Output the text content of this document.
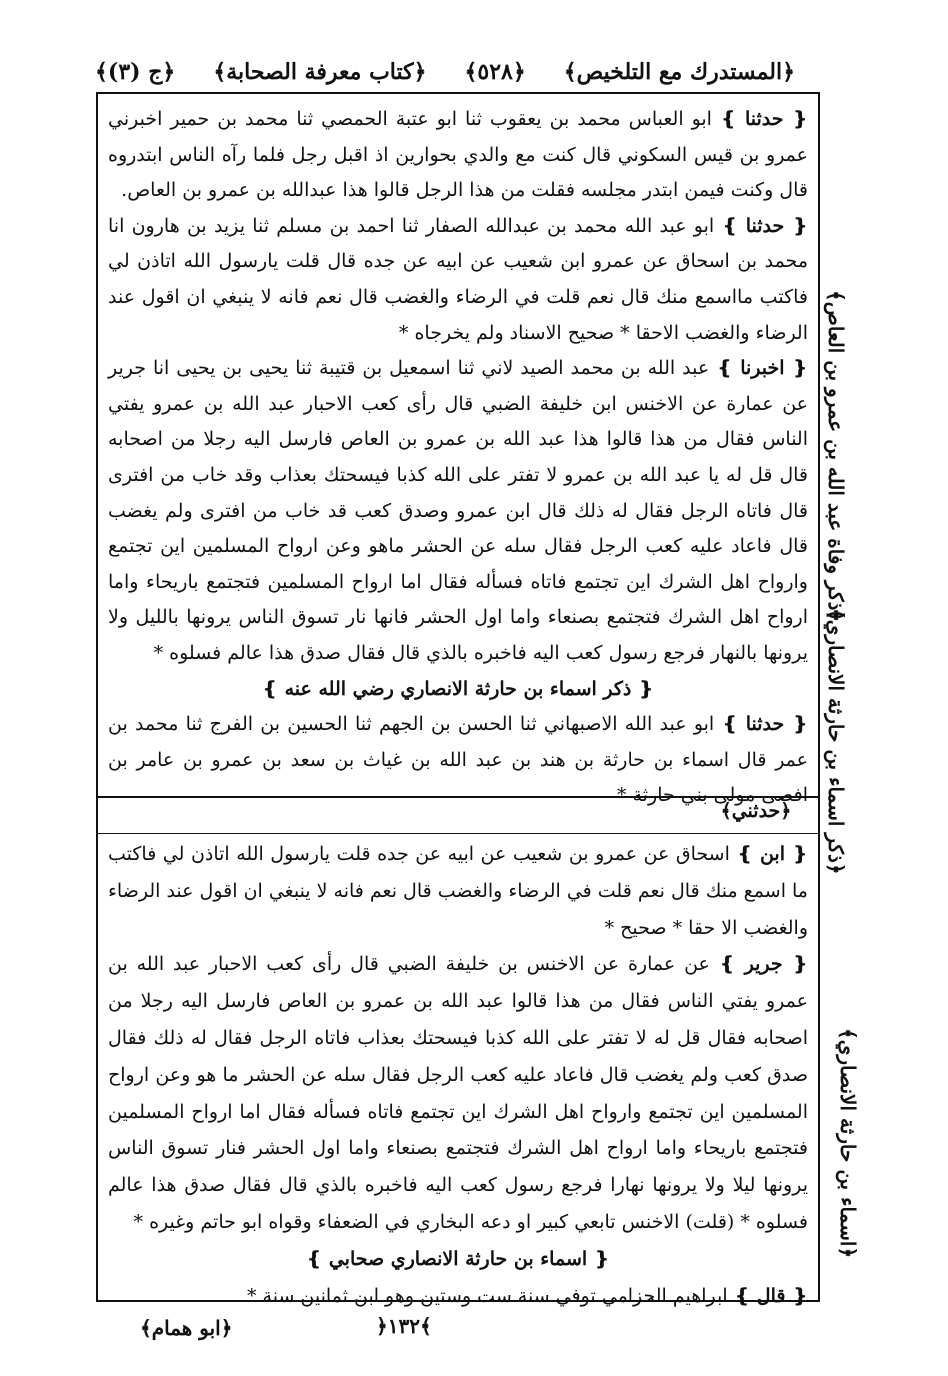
﴿المستدرك مع التلخيص﴾
﴿٥٢٨﴾
﴿كتاب معرفة الصحابة﴾
﴿ج (٣)﴾

❴ حدثنا ❵ ابو العباس محمد بن يعقوب ثنا ابو عتبة الحمصي ثنا محمد بن حمير اخبرني عمرو بن قيس السكوني قال كنت مع والدي بحوارين اذ اقبل رجل فلما رآه الناس ابتدروه قال وكنت فيمن ابتدر مجلسه فقلت من هذا الرجل قالوا هذا عبدالله بن عمرو بن العاص.

❴ حدثنا ❵ ابو عبد الله محمد بن عبدالله الصفار ثنا احمد بن مسلم ثنا يزيد بن هارون انا محمد بن اسحاق عن عمرو ابن شعيب عن ابيه عن جده قال قلت يارسول الله اتاذن لي فاكتب مااسمع منك قال نعم قلت في الرضاء والغضب قال نعم فانه لا ينبغي ان اقول عند الرضاء والغضب الاحقا * صحيح الاسناد ولم يخرجاه *

❴ اخبرنا ❵ عبد الله بن محمد الصيد لاني ثنا اسمعيل بن قتيبة ثنا يحيى بن يحيى انا جرير عن عمارة عن الاخنس ابن خليفة الضبي قال رأى كعب الاحبار عبد الله بن عمرو يفتي الناس فقال من هذا قالوا هذا عبد الله بن عمرو بن العاص فارسل اليه رجلا من اصحابه قال قل له يا عبد الله بن عمرو لا تفتر على الله كذبا فيسحتك بعذاب وقد خاب من افترى قال فاتاه الرجل فقال له ذلك قال ابن عمرو وصدق كعب قد خاب من افترى ولم يغضب قال فاعاد عليه كعب الرجل فقال سله عن الحشر ماهو وعن ارواح المسلمين اين تجتمع وارواح اهل الشرك اين تجتمع فاتاه فسأله فقال اما ارواح المسلمين فتجتمع باريحاء واما ارواح اهل الشرك فتجتمع بصنعاء واما اول الحشر فانها نار تسوق الناس يرونها بالليل ولا يرونها بالنهار فرجع رسول كعب اليه فاخبره بالذي قال فقال صدق هذا عالم فسلوه *

❴ ذكر اسماء بن حارثة الانصاري رضي الله عنه ❵

❴ حدثنا ❵ ابو عبد الله الاصبهاني ثنا الحسن بن الجهم ثنا الحسين بن الفرج ثنا محمد بن عمر قال اسماء بن حارثة بن هند بن عبد الله بن غياث بن سعد بن عمرو بن عامر بن افصى مولى بني حارثة *

﴿حدثني﴾

❴ ابن ❵ اسحاق عن عمرو بن شعيب عن ابيه عن جده قلت يارسول الله اتاذن لي فاكتب ما اسمع منك قال نعم قلت في الرضاء والغضب قال نعم فانه لا ينبغي ان اقول عند الرضاء والغضب الا حقا * صحيح *

❴ جرير ❵ عن عمارة عن الاخنس بن خليفة الضبي قال رأى كعب الاحبار عبد الله بن عمرو يفتي الناس فقال من هذا قالوا عبد الله بن عمرو بن العاص فارسل اليه رجلا من اصحابه فقال قل له لا تفتر على الله كذبا فيسحتك بعذاب فاتاه الرجل فقال له ذلك فقال صدق كعب ولم يغضب قال فاعاد عليه كعب الرجل فقال سله عن الحشر ما هو وعن ارواح المسلمين اين تجتمع وارواح اهل الشرك اين تجتمع فاتاه فسأله فقال اما ارواح المسلمين فتجتمع باريحاء واما ارواح اهل الشرك فتجتمع بصنعاء واما اول الحشر فنار تسوق الناس يرونها ليلا ولا يرونها نهارا فرجع رسول كعب اليه فاخبره بالذي قال فقال صدق هذا عالم فسلوه * (قلت) الاخنس تابعي كبير او دعه البخاري في الضعفاء وقواه ابو حاتم وغيره *

❴ اسماء بن حارثة الانصاري صحابي ❵

❴ قال ❵ ابراهيم الحزامي توفي سنة ست وستين وهو ابن ثمانين سنة *

﴿ذكر وفاة عبد الله بن عمرو بن العاص﴾
﴿ذكر اسماء بن حارثة الانصاري﴾
﴿اسماء بن حارثة الانصاري﴾
﴿ابو همام﴾	﴿١٣٢﴾
